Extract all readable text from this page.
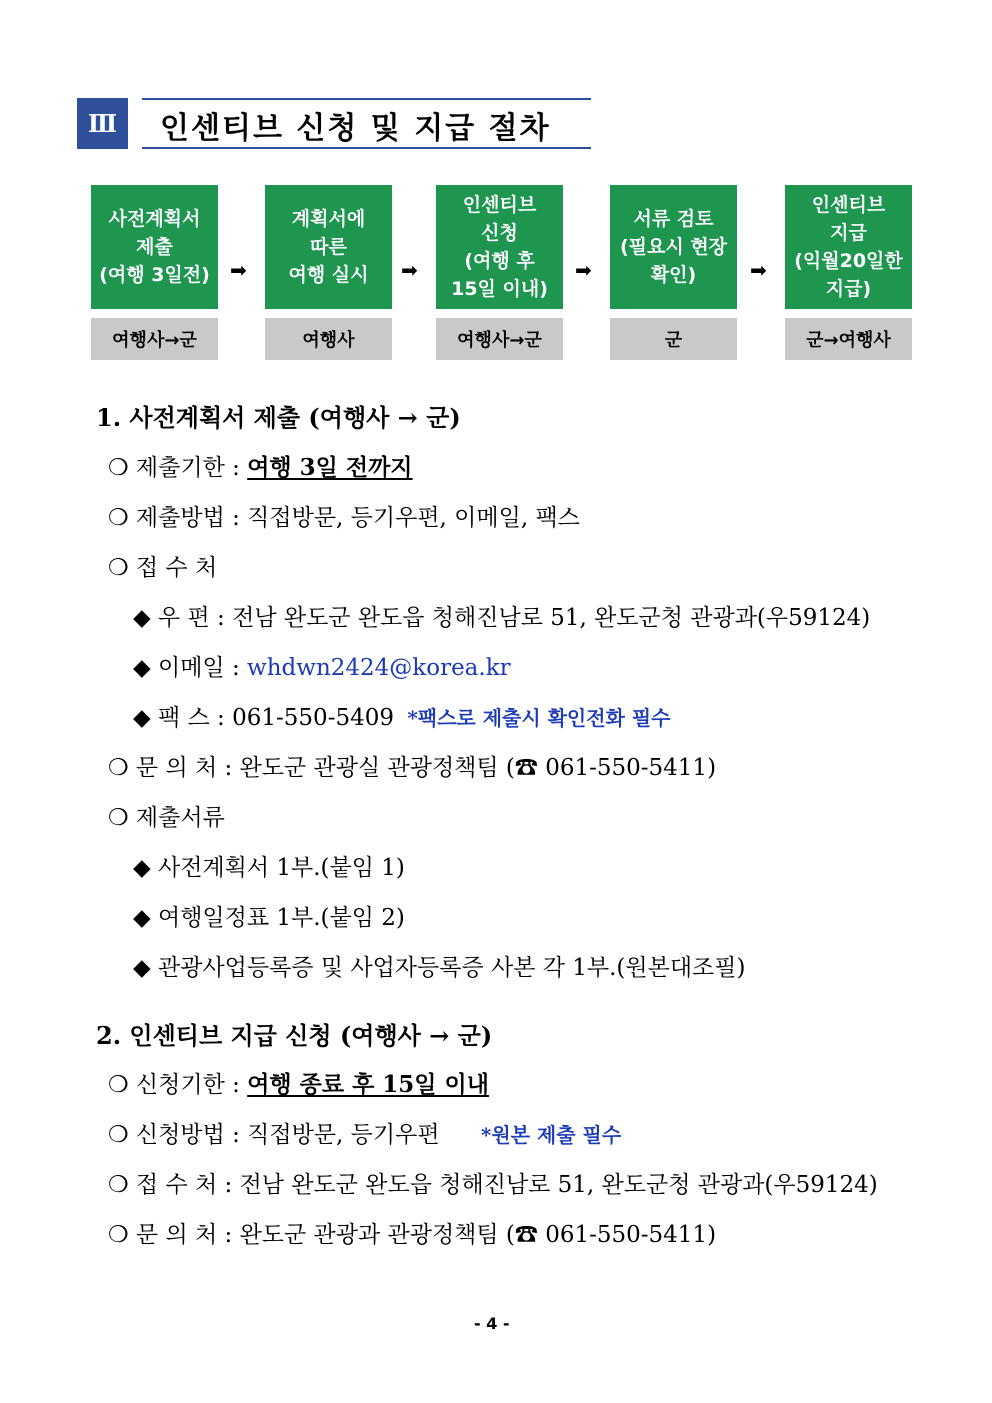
Ⅲ	인센티브 신청 및 지급 절차
사전계획서
제출
(여행 3일전)
계획서에
따른
여행 실시
인센티브
신청
(여행 후
15일 이내)
서류 검토
(필요시 현장
확인)
인센티브
지급
(익월20일한
지급)
➡	➡	➡	➡
여행사→군	여행사	여행사→군	군	군→여행사
1. 사전계획서 제출 (여행사 → 군)
❍ 제출기한 : 여행 3일 전까지
❍ 제출방법 : 직접방문, 등기우편, 이메일, 팩스
❍ 접 수 처
◆ 우 편 : 전남 완도군 완도읍 청해진남로 51, 완도군청 관광과(우59124)
◆ 이메일 : whdwn2424@korea.kr
◆ 팩 스 : 061-550-5409 *팩스로 제출시 확인전화 필수
❍ 문 의 처 : 완도군 관광실 관광정책팀 (☎ 061-550-5411)
❍ 제출서류
◆ 사전계획서 1부.(붙임 1)
◆ 여행일정표 1부.(붙임 2)
◆ 관광사업등록증 및 사업자등록증 사본 각 1부.(원본대조필)
2. 인센티브 지급 신청 (여행사 → 군)
❍ 신청기한 : 여행 종료 후 15일 이내
❍ 신청방법 : 직접방문, 등기우편 *원본 제출 필수
❍ 접 수 처 : 전남 완도군 완도읍 청해진남로 51, 완도군청 관광과(우59124)
❍ 문 의 처 : 완도군 관광과 관광정책팀 (☎ 061-550-5411)
- 4 -
